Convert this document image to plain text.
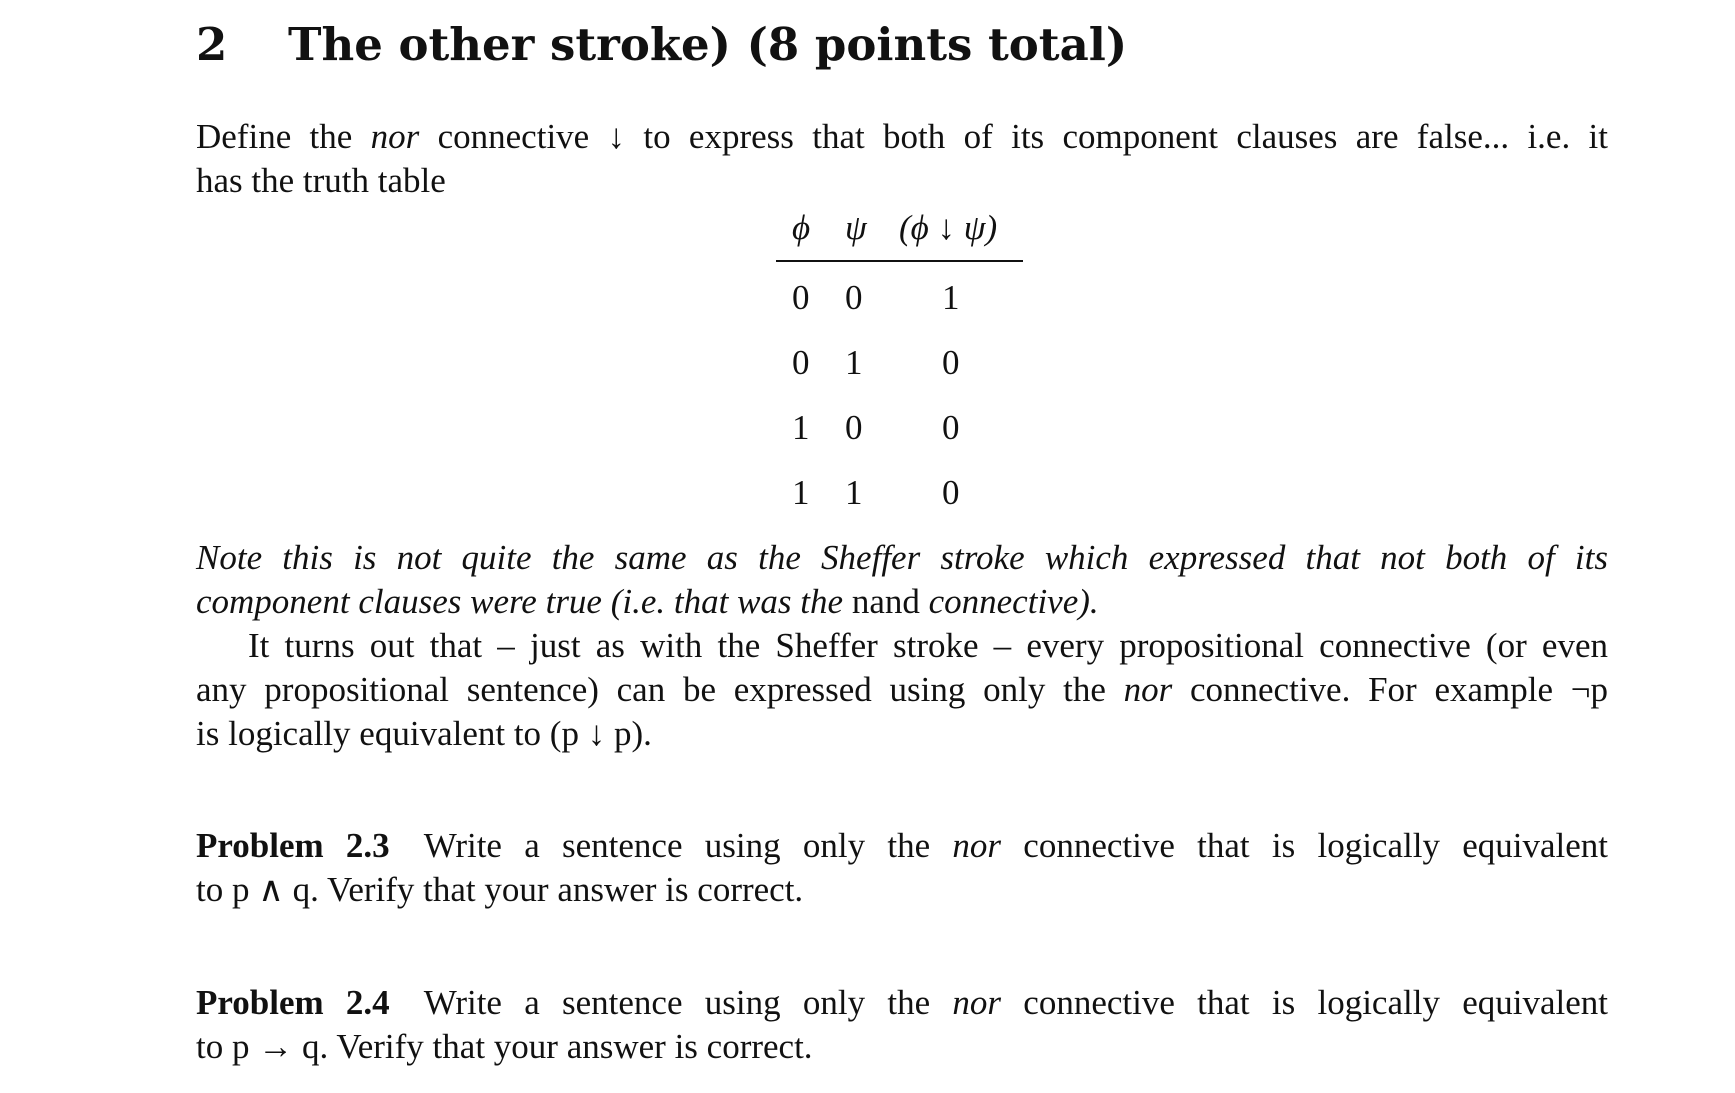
2 The other stroke) (8 points total)
Define the nor connective ↓ to express that both of its component clauses are false... i.e. it
has the truth table
ϕ ψ (ϕ ↓ ψ)
0 0 1
0 1 0
1 0 0
1 1 0
Note this is not quite the same as the Sheffer stroke which expressed that not both of its
component clauses were true (i.e. that was the nand connective).
It turns out that – just as with the Sheffer stroke – every propositional connective (or even
any propositional sentence) can be expressed using only the nor connective. For example ¬p
is logically equivalent to (p ↓ p).
Problem 2.3 Write a sentence using only the nor connective that is logically equivalent
to p ∧ q. Verify that your answer is correct.
Problem 2.4 Write a sentence using only the nor connective that is logically equivalent
to p → q. Verify that your answer is correct.
